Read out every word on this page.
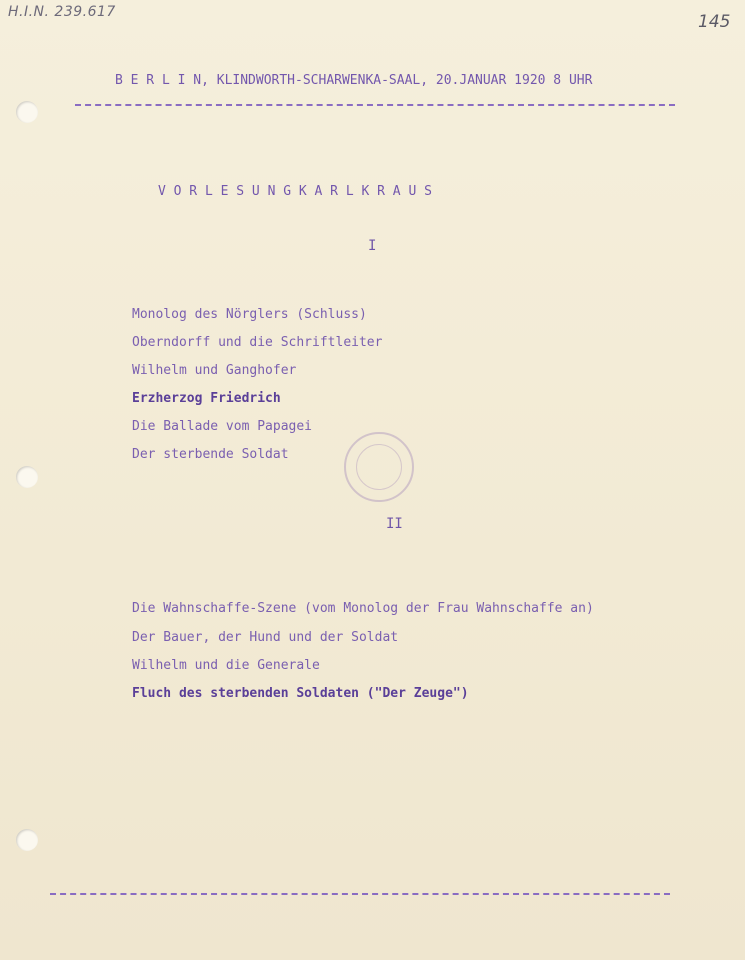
H.I.N. 239.617	145
B E R L I N, KLINDWORTH-SCHARWENKA-SAAL, 20.JANUAR 1920 8 UHR
V O R L E S U N G K A R L K R A U S
I
Monolog des Nörglers (Schluss)
Oberndorff und die Schriftleiter
Wilhelm und Ganghofer
Erzherzog Friedrich
Die Ballade vom Papagei
Der sterbende Soldat
II
Die Wahnschaffe-Szene (vom Monolog der Frau Wahnschaffe an)
Der Bauer, der Hund und der Soldat
Wilhelm und die Generale
Fluch des sterbenden Soldaten ("Der Zeuge")
